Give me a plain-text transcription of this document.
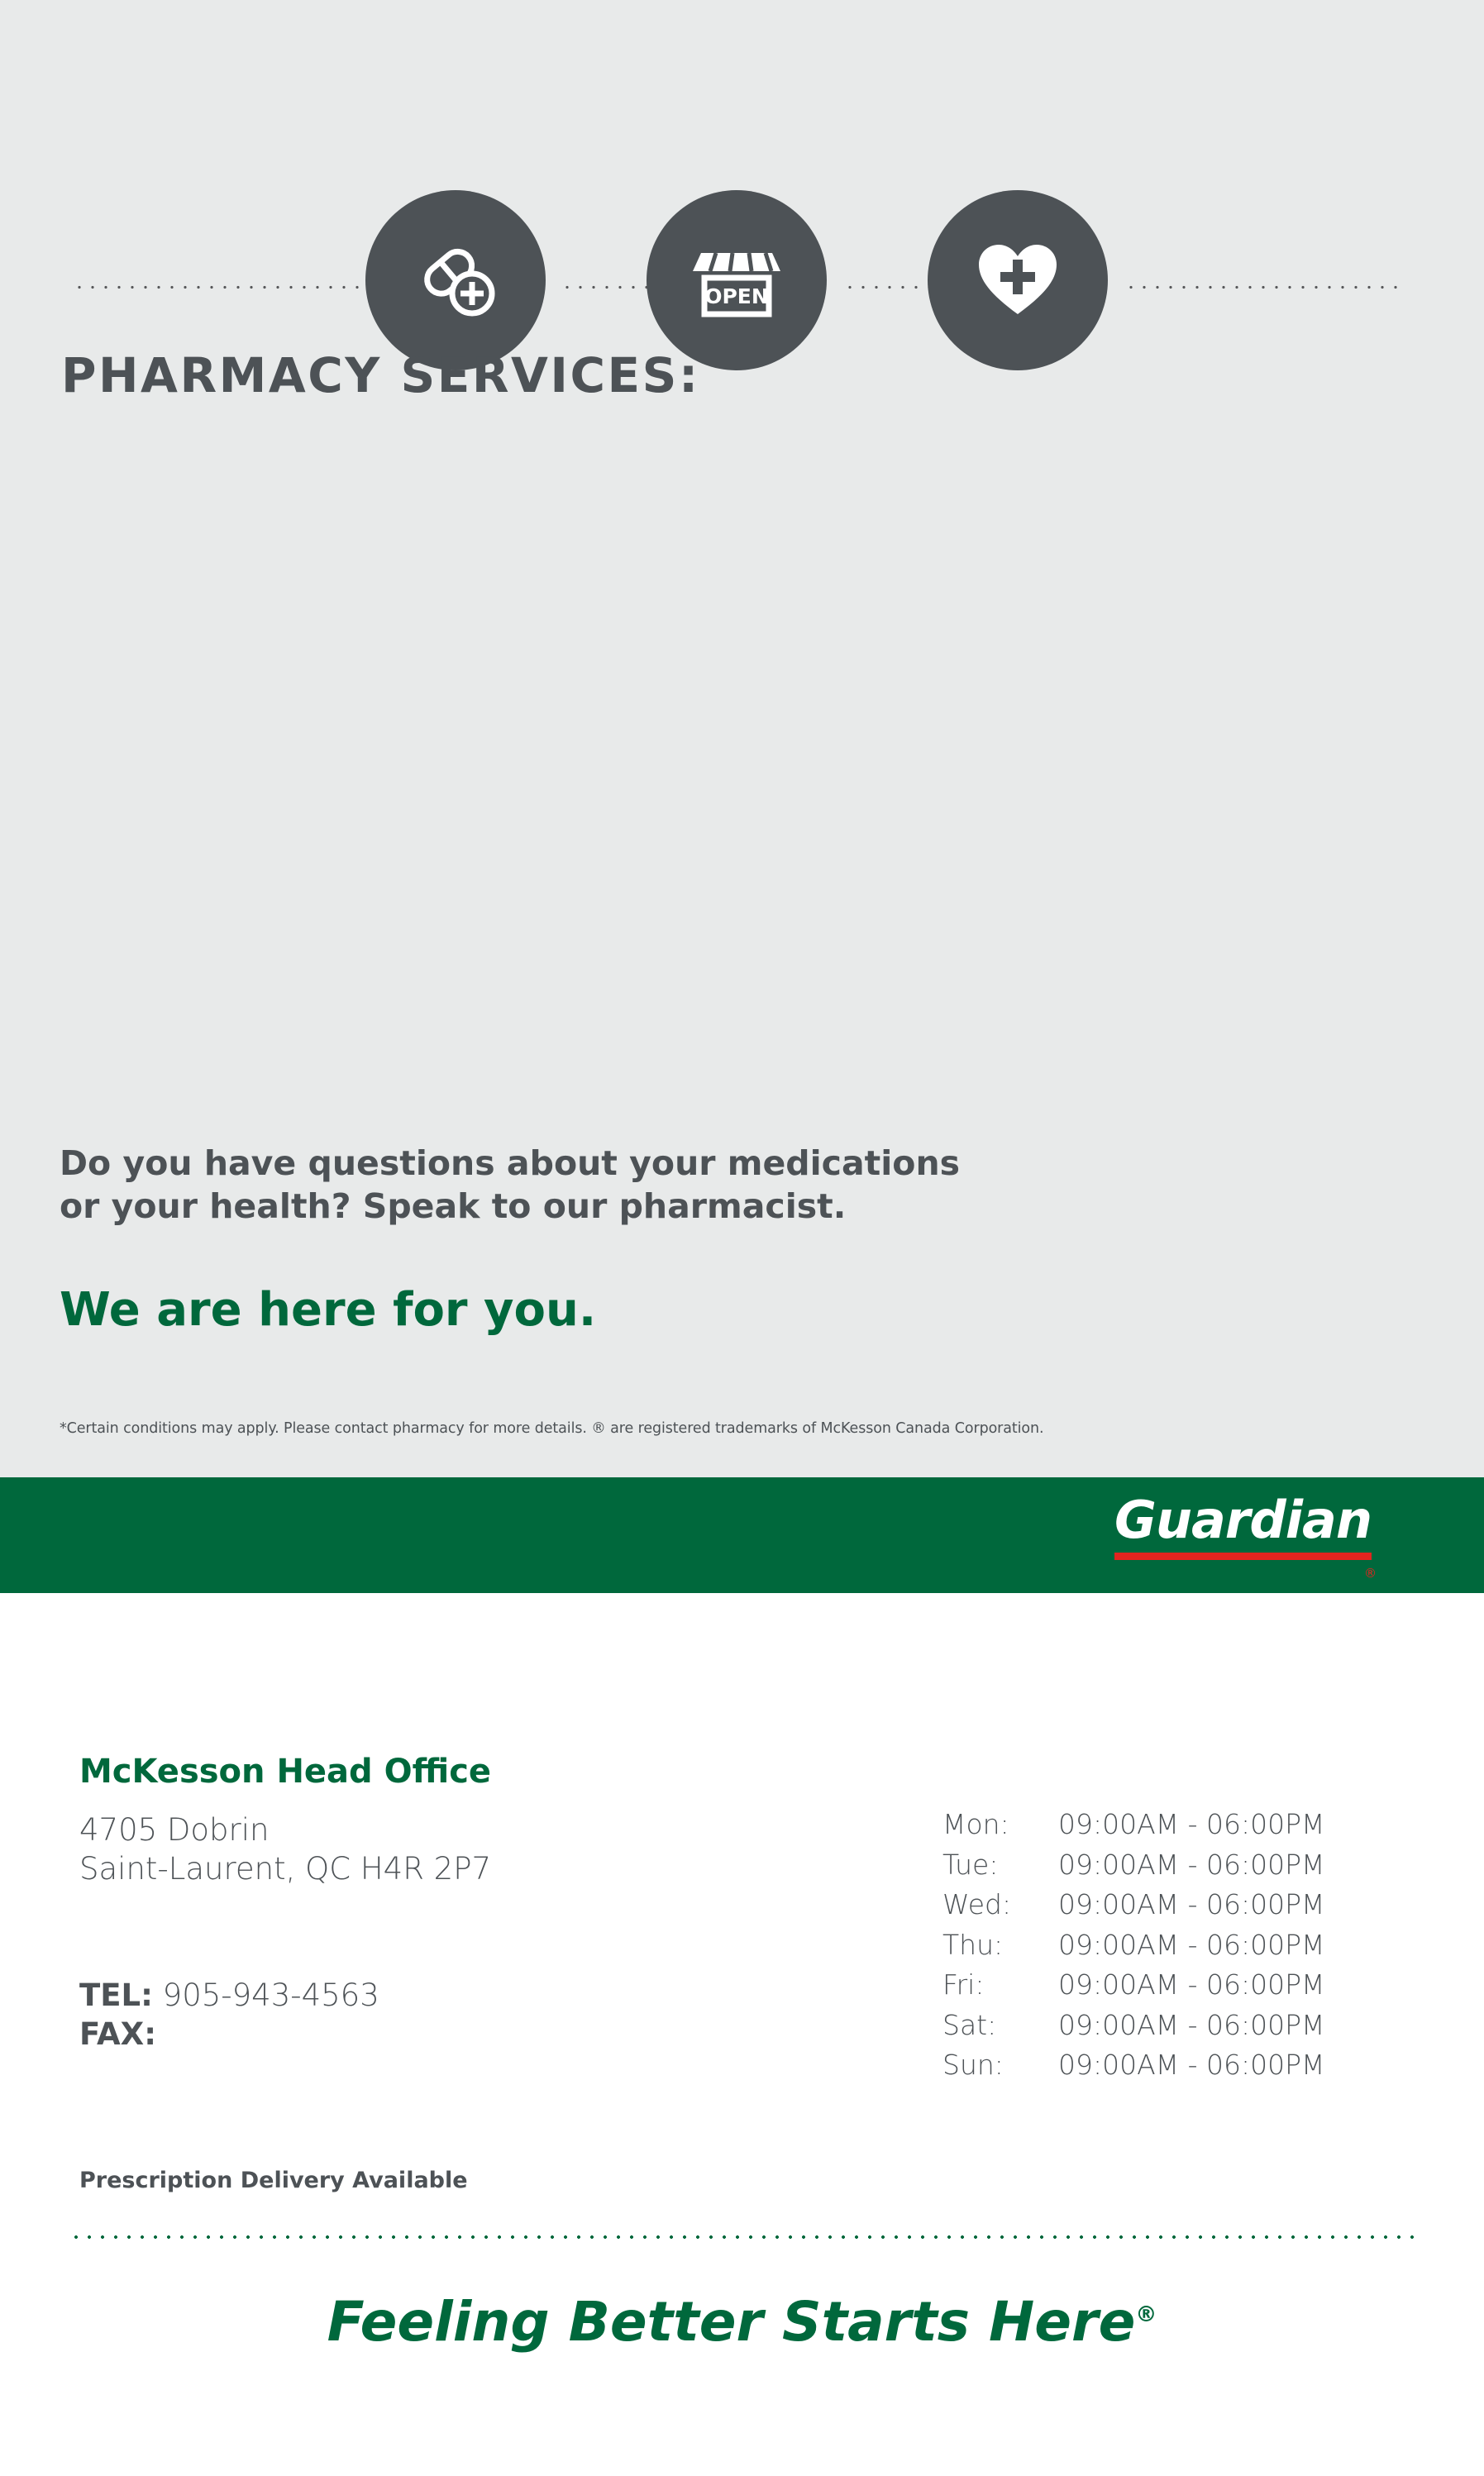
OPEN
PHARMACY SERVICES:
Do you have questions about your medications
or your health? Speak to our pharmacist.
We are here for you.
*Certain conditions may apply. Please contact pharmacy for more details. ® are registered trademarks of McKesson Canada Corporation.
Guardian
®
McKesson Head Office
4705 Dobrin
Saint-Laurent, QC H4R 2P7
TEL: 905-943-4563
FAX:
Prescription Delivery Available
Mon:	09:00AM - 06:00PM
Tue:	09:00AM - 06:00PM
Wed:	09:00AM - 06:00PM
Thu:	09:00AM - 06:00PM
Fri:	09:00AM - 06:00PM
Sat:	09:00AM - 06:00PM
Sun:	09:00AM - 06:00PM
Feeling Better Starts Here®
